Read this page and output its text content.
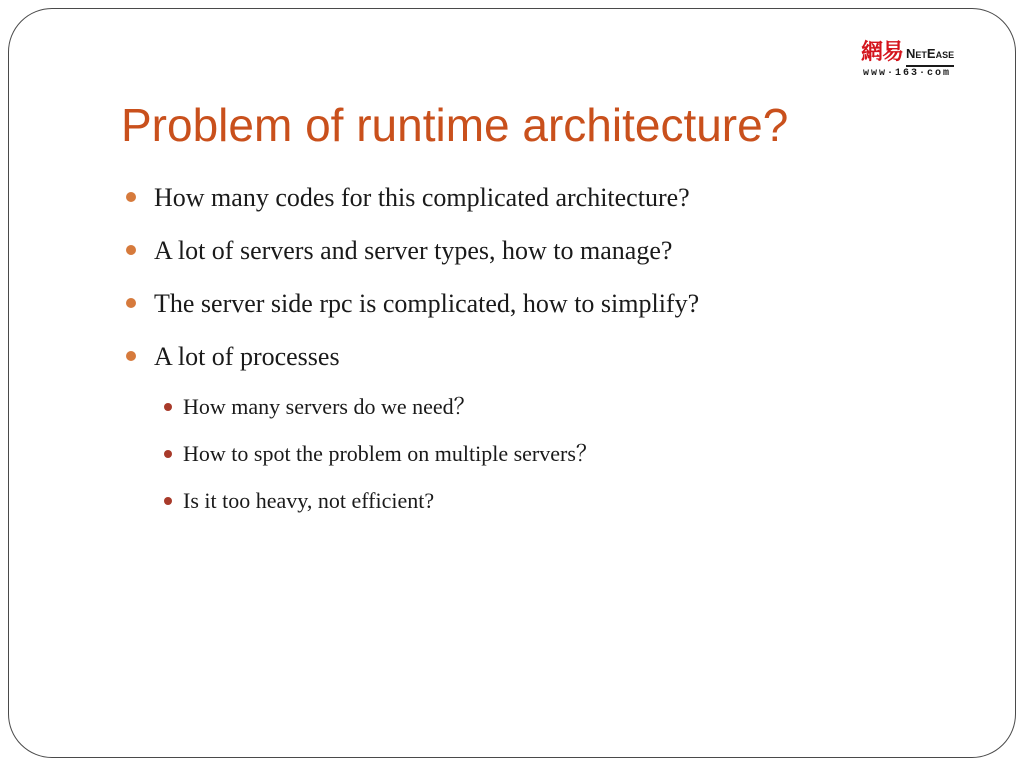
網易 NetEase
www·163·com
Problem of runtime architecture?
How many codes for this complicated architecture?
A lot of servers and server types, how to manage?
The server side rpc is complicated, how to simplify?
A lot of processes
How many servers do we need？
How to spot the problem on multiple servers？
Is it too heavy, not efficient?
